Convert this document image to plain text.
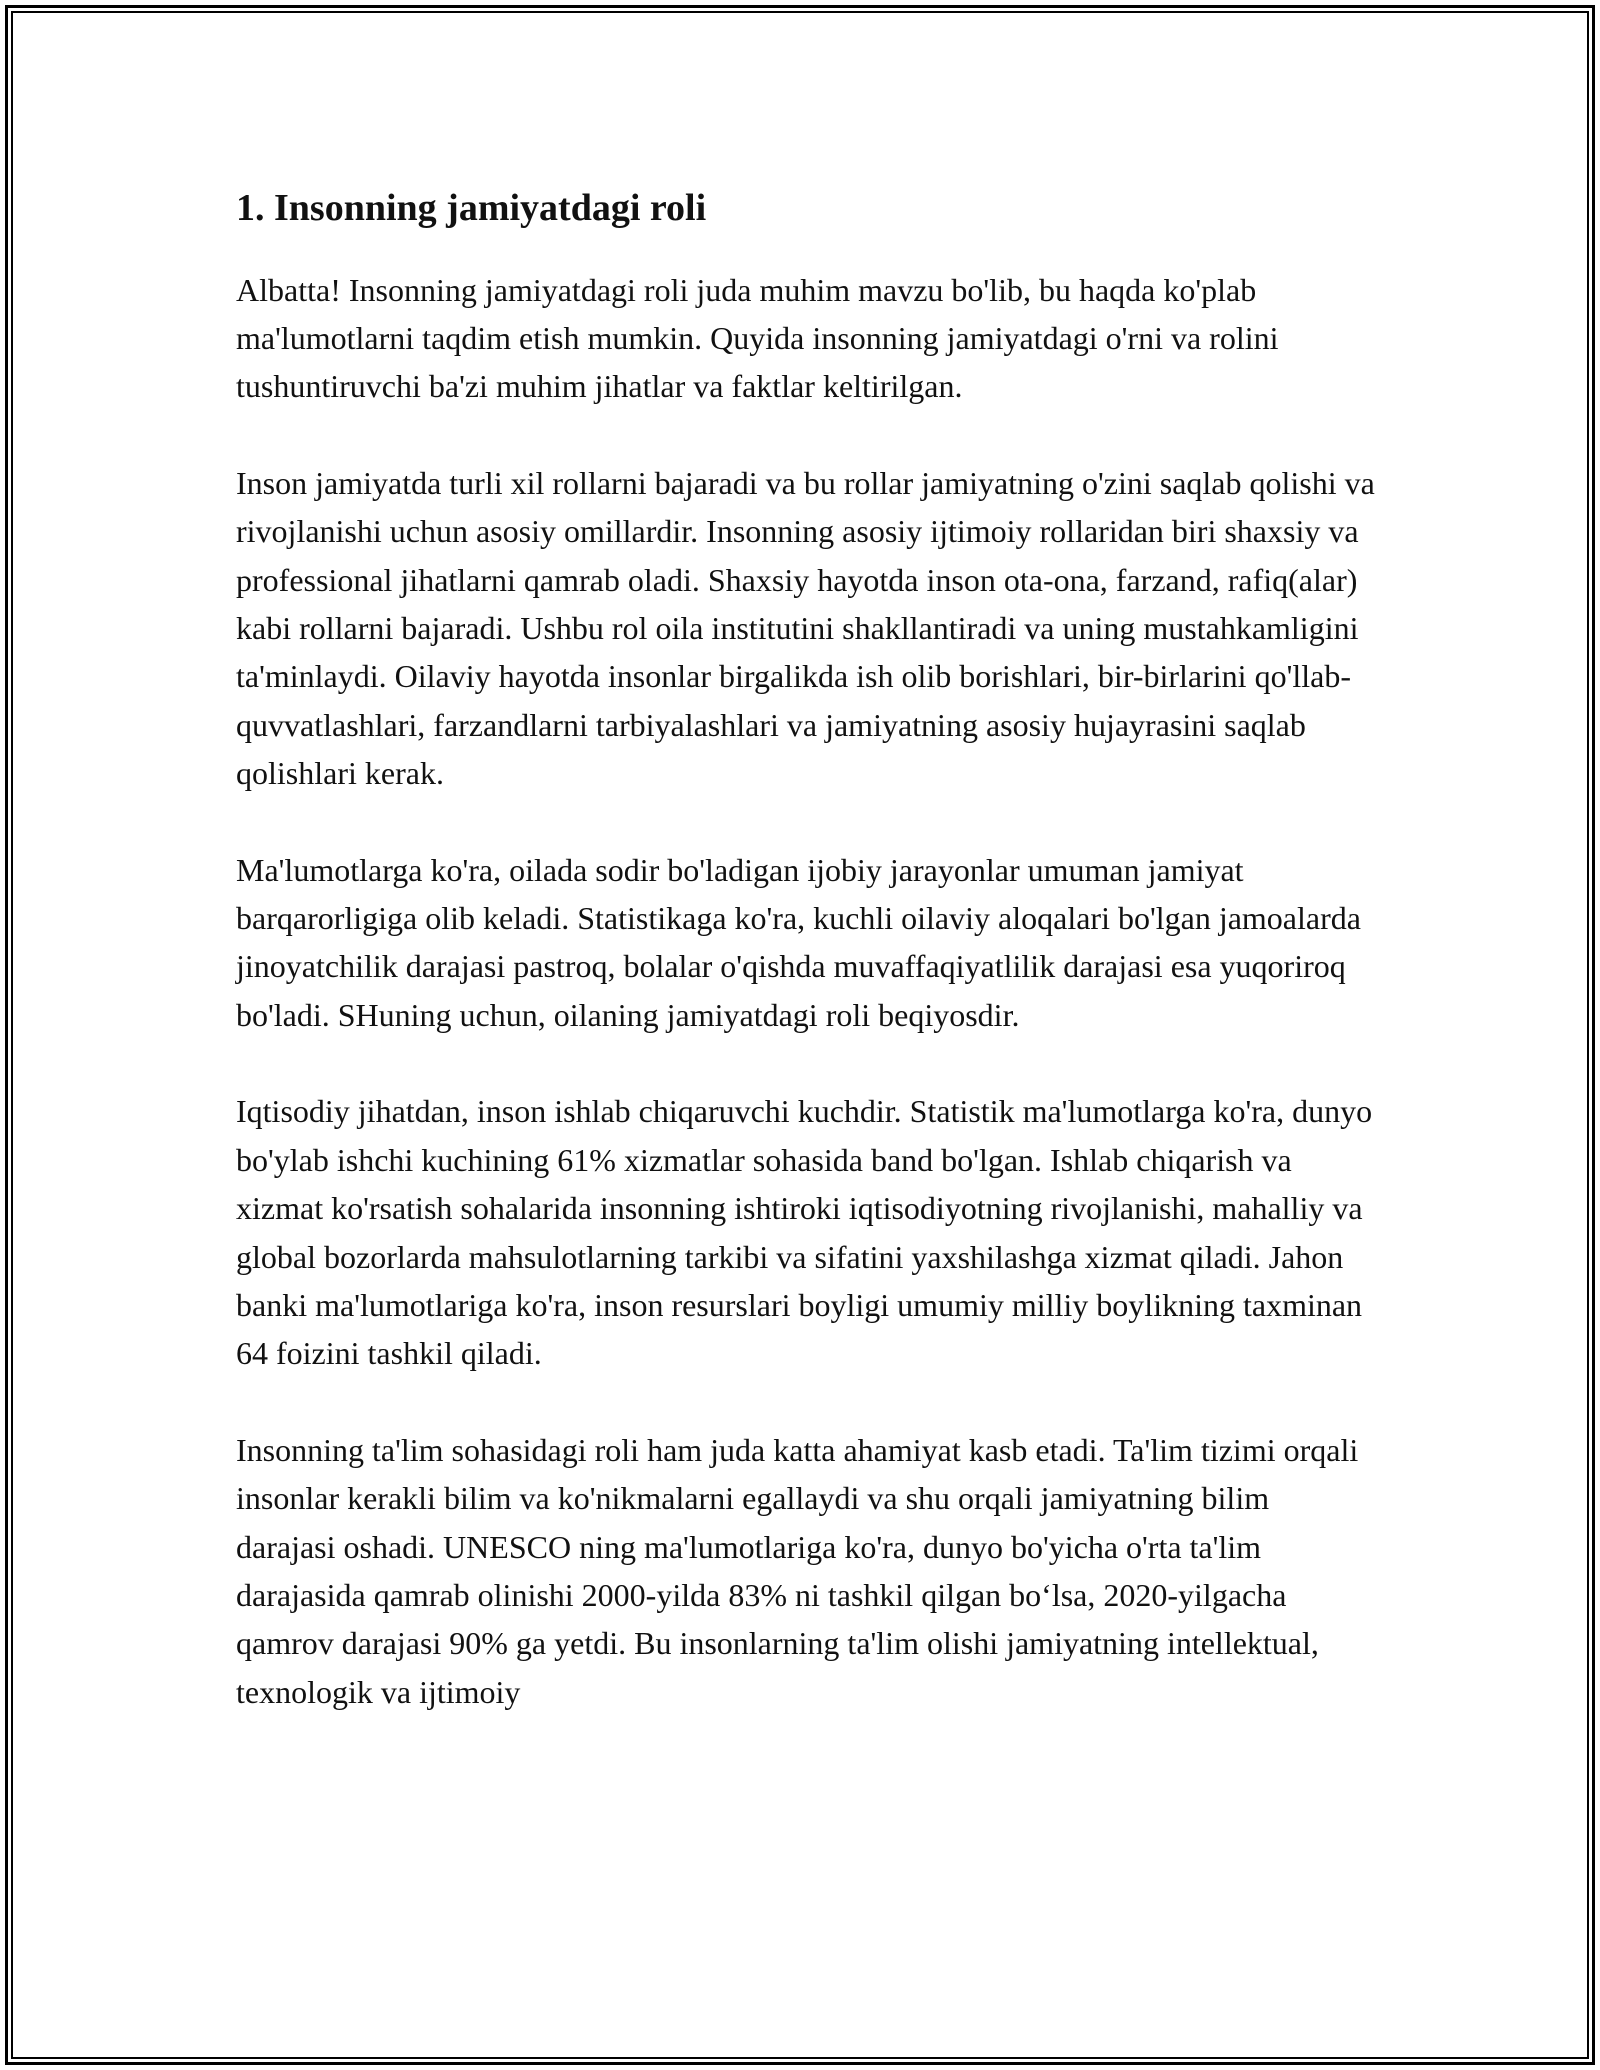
1. Insonning jamiyatdagi roli

Albatta! Insonning jamiyatdagi roli juda muhim mavzu bo'lib, bu haqda ko'plab ma'lumotlarni taqdim etish mumkin. Quyida insonning jamiyatdagi o'rni va rolini tushuntiruvchi ba'zi muhim jihatlar va faktlar keltirilgan.

Inson jamiyatda turli xil rollarni bajaradi va bu rollar jamiyatning o'zini saqlab qolishi va rivojlanishi uchun asosiy omillardir. Insonning asosiy ijtimoiy rollaridan biri shaxsiy va professional jihatlarni qamrab oladi. Shaxsiy hayotda inson ota-ona, farzand, rafiq(alar) kabi rollarni bajaradi. Ushbu rol oila institutini shakllantiradi va uning mustahkamligini ta'minlaydi. Oilaviy hayotda insonlar birgalikda ish olib borishlari, bir-birlarini qo'llab-quvvatlashlari, farzandlarni tarbiyalashlari va jamiyatning asosiy hujayrasini saqlab qolishlari kerak.

Ma'lumotlarga ko'ra, oilada sodir bo'ladigan ijobiy jarayonlar umuman jamiyat barqarorligiga olib keladi. Statistikaga ko'ra, kuchli oilaviy aloqalari bo'lgan jamoalarda jinoyatchilik darajasi pastroq, bolalar o'qishda muvaffaqiyatlilik darajasi esa yuqoriroq bo'ladi. SHuning uchun, oilaning jamiyatdagi roli beqiyosdir.

Iqtisodiy jihatdan, inson ishlab chiqaruvchi kuchdir. Statistik ma'lumotlarga ko'ra, dunyo bo'ylab ishchi kuchining 61% xizmatlar sohasida band bo'lgan. Ishlab chiqarish va xizmat ko'rsatish sohalarida insonning ishtiroki iqtisodiyotning rivojlanishi, mahalliy va global bozorlarda mahsulotlarning tarkibi va sifatini yaxshilashga xizmat qiladi. Jahon banki ma'lumotlariga ko'ra, inson resurslari boyligi umumiy milliy boylikning taxminan 64 foizini tashkil qiladi.

Insonning ta'lim sohasidagi roli ham juda katta ahamiyat kasb etadi. Ta'lim tizimi orqali insonlar kerakli bilim va ko'nikmalarni egallaydi va shu orqali jamiyatning bilim darajasi oshadi. UNESCO ning ma'lumotlariga ko'ra, dunyo bo'yicha o'rta ta'lim darajasida qamrab olinishi 2000-yilda 83% ni tashkil qilgan bo‘lsa, 2020-yilgacha qamrov darajasi 90% ga yetdi. Bu insonlarning ta'lim olishi jamiyatning intellektual, texnologik va ijtimoiy
